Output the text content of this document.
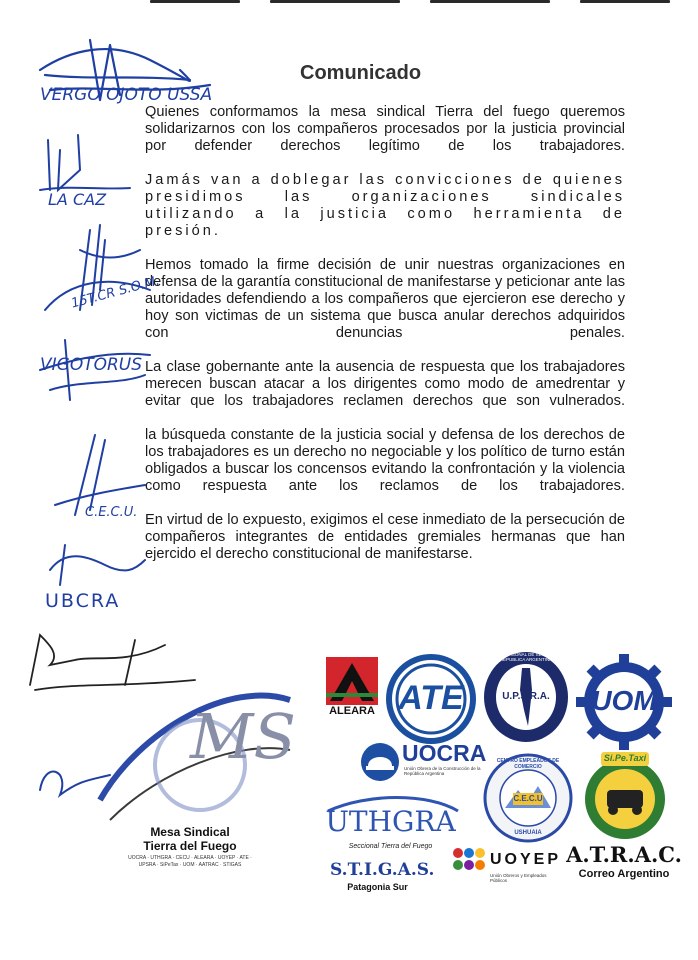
Comunicado

Quienes conformamos la mesa sindical Tierra del fuego queremos solidarizarnos con los compañeros procesados por la justicia provincial por defender derechos legítimo de los trabajadores.

Jamás van a doblegar las convicciones de quienes presidimos las organizaciones sindicales utilizando a la justicia como herramienta de presión.

Hemos tomado la firme decisión de unir nuestras organizaciones en defensa de la garantía constitucional de manifestarse y peticionar ante las autoridades defendiendo a los compañeros que ejercieron ese derecho y hoy son victimas de un sistema que busca anular derechos adquiridos con denuncias penales.

La clase gobernante ante la ausencia de respuesta que los trabajadores merecen buscan atacar a los dirigentes como modo de amedrentar y evitar que los trabajadores reclamen derechos que son vulnerados.

la búsqueda constante de la justicia social y defensa de los derechos de los trabajadores es un derecho no negociable y los político de turno están obligados a buscar los concensos evitando la confrontación y la violencia como respuesta ante los reclamos de los trabajadores.

En virtud de lo expuesto, exigimos el cese inmediato de la persecución de compañeros integrantes de entidades gremiales hermanas que han ejercido el derecho constitucional de manifestarse.

VERGO OJOTO USSA
LA CAZ
15T.CR S.O.M.
VIGOTORUS
C.E.C.U.
UBCRA
MS
Mesa Sindical
Tierra del Fuego
UOCRA · UTHGRA · CECU · ALEARA · UOYEP · ATE ·
UPSRA · SiPeTax · UOM · AATRAC · STIGAS
ALEARA ATE
UNION PERSONAL DE SEGURIDAD · REPUBLICA ARGENTINA
U.P.S.R.A.	UOM
UOCRA
Unión Obrera de la Construcción de la República Argentina
CENTRO EMPLEADOS DE COMERCIO
C.E.C.U
USHUAIA
Si.Pe.Taxi
UTHGRA
Seccional Tierra del Fuego
S.T.I.G.A.S.
Patagonia Sur
UOYEP
Unión Obreros y Empleados Públicos
A.T.R.A.C.
Correo Argentino
